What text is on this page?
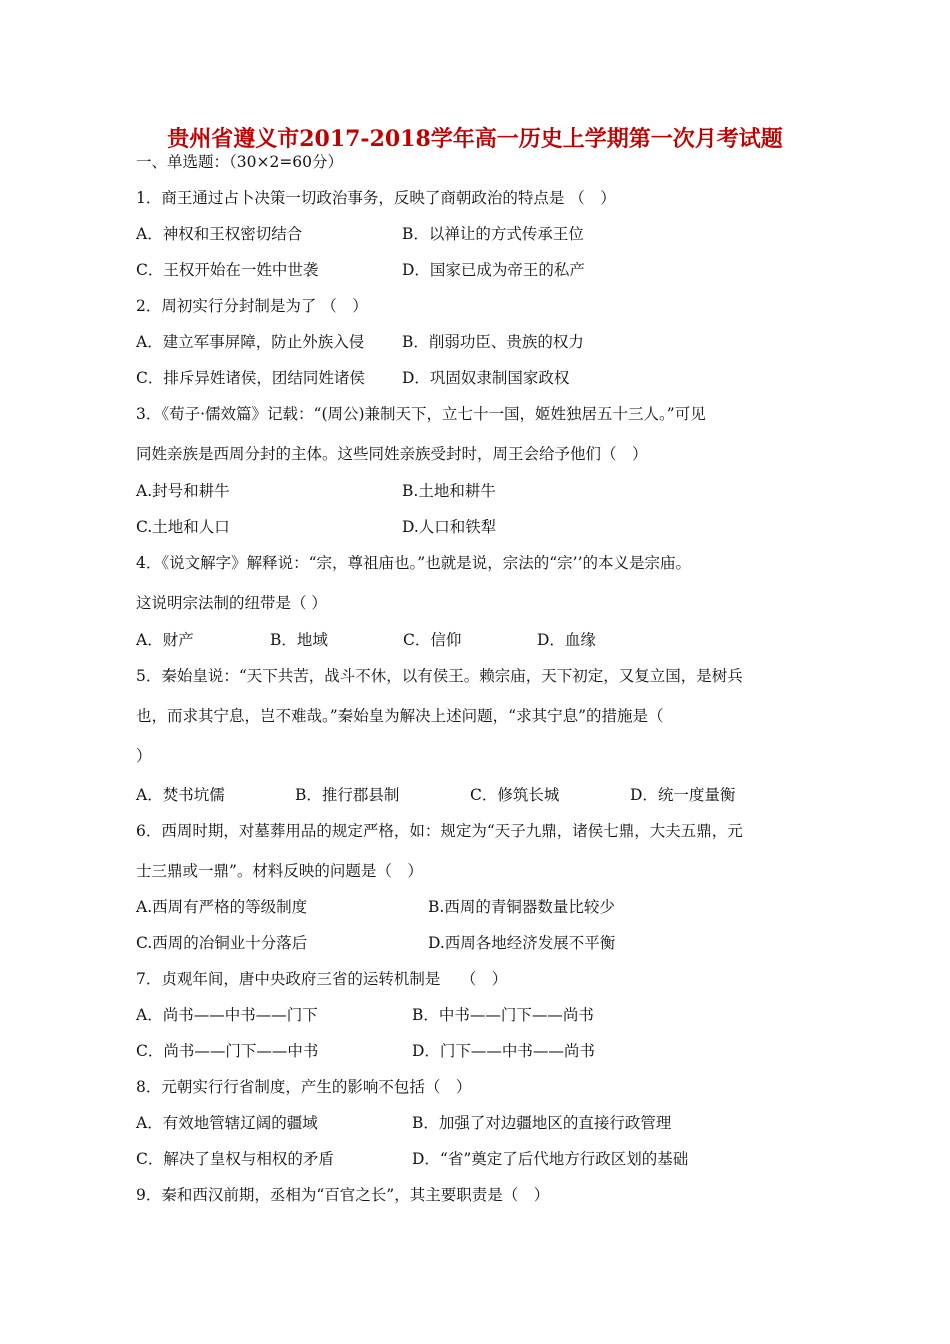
贵州省遵义市2017-2018学年高一历史上学期第一次月考试题
一、单选题：（30×2=60分）
1．商王通过占卜决策一切政治事务，反映了商朝政治的特点是 （　）
A．神权和王权密切结合	B．以禅让的方式传承王位
C．王权开始在一姓中世袭	D．国家已成为帝王的私产
2．周初实行分封制是为了 （　）
A．建立军事屏障，防止外族入侵 B．削弱功臣、贵族的权力
C．排斥异姓诸侯，团结同姓诸侯 D．巩固奴隶制国家政权
3．《荀子·儒效篇》记载：“(周公)兼制天下，立七十一国，姬姓独居五十三人。”可见
同姓亲族是西周分封的主体。这些同姓亲族受封时，周王会给予他们（　）
A.封号和耕牛	B.土地和耕牛
C.土地和人口	D.人口和铁犁
4．《说文解字》解释说：“宗，尊祖庙也。”也就是说，宗法的“宗’’的本义是宗庙。
这说明宗法制的纽带是（ ）
A．财产	B．地域	C．信仰	D．血缘
5．秦始皇说：“天下共苦，战斗不休，以有侯王。赖宗庙，天下初定，又复立国，是树兵
也，而求其宁息，岂不难哉。”秦始皇为解决上述问题，“求其宁息”的措施是（
）
A．焚书坑儒	B．推行郡县制	C．修筑长城	D．统一度量衡
6．西周时期，对墓葬用品的规定严格，如：规定为“天子九鼎，诸侯七鼎，大夫五鼎，元
士三鼎或一鼎”。材料反映的问题是（　）
A.西周有严格的等级制度	B.西周的青铜器数量比较少
C.西周的冶铜业十分落后	D.西周各地经济发展不平衡
7．贞观年间，唐中央政府三省的运转机制是　 （　）
A．尚书——中书——门下	B．中书——门下——尚书
C．尚书——门下——中书	D．门下——中书——尚书
8．元朝实行行省制度，产生的影响不包括（　）
A．有效地管辖辽阔的疆域	B．加强了对边疆地区的直接行政管理
C．解决了皇权与相权的矛盾	D．“省”奠定了后代地方行政区划的基础
9．秦和西汉前期，丞相为“百官之长”，其主要职责是（　）
